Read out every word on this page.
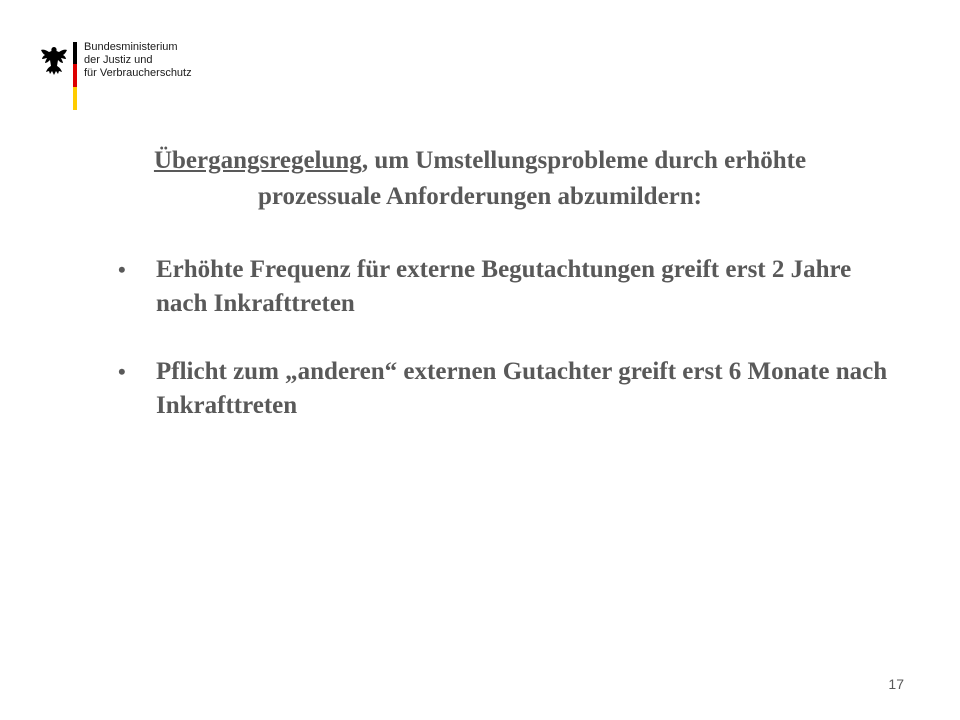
Bundesministerium
der Justiz und
für Verbraucherschutz
Übergangsregelung, um Umstellungsprobleme durch erhöhte prozessuale Anforderungen abzumildern:
• Erhöhte Frequenz für externe Begutachtungen greift erst 2 Jahre nach Inkrafttreten
• Pflicht zum „anderen“ externen Gutachter greift erst 6 Monate nach Inkrafttreten
17
